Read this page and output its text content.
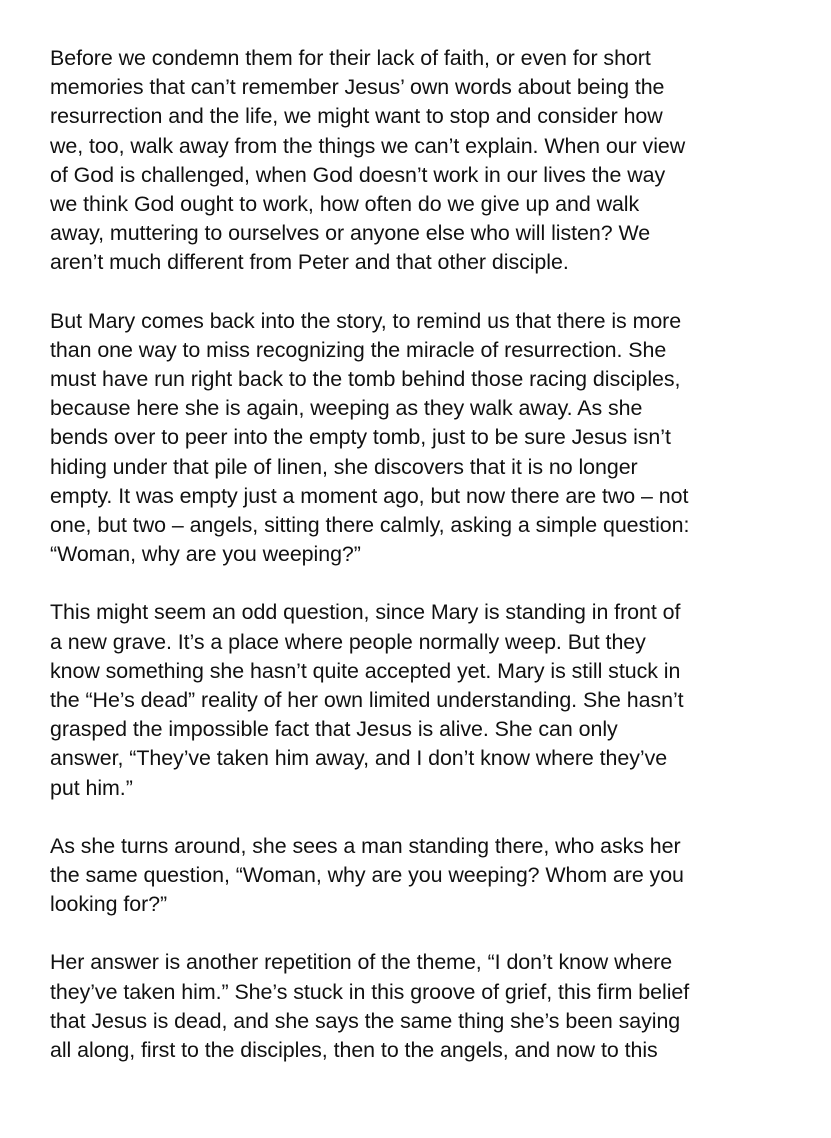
Before we condemn them for their lack of faith, or even for short
memories that can’t remember Jesus’ own words about being the
resurrection and the life, we might want to stop and consider how
we, too, walk away from the things we can’t explain. When our view
of God is challenged, when God doesn’t work in our lives the way
we think God ought to work, how often do we give up and walk
away, muttering to ourselves or anyone else who will listen? We
aren’t much different from Peter and that other disciple.

But Mary comes back into the story, to remind us that there is more
than one way to miss recognizing the miracle of resurrection. She
must have run right back to the tomb behind those racing disciples,
because here she is again, weeping as they walk away. As she
bends over to peer into the empty tomb, just to be sure Jesus isn’t
hiding under that pile of linen, she discovers that it is no longer
empty. It was empty just a moment ago, but now there are two – not
one, but two – angels, sitting there calmly, asking a simple question:
“Woman, why are you weeping?”

This might seem an odd question, since Mary is standing in front of
a new grave. It’s a place where people normally weep. But they
know something she hasn’t quite accepted yet. Mary is still stuck in
the “He’s dead” reality of her own limited understanding. She hasn’t
grasped the impossible fact that Jesus is alive. She can only
answer, “They’ve taken him away, and I don’t know where they’ve
put him.”

As she turns around, she sees a man standing there, who asks her
the same question, “Woman, why are you weeping? Whom are you
looking for?”

Her answer is another repetition of the theme, “I don’t know where
they’ve taken him.” She’s stuck in this groove of grief, this firm belief
that Jesus is dead, and she says the same thing she’s been saying
all along, first to the disciples, then to the angels, and now to this
